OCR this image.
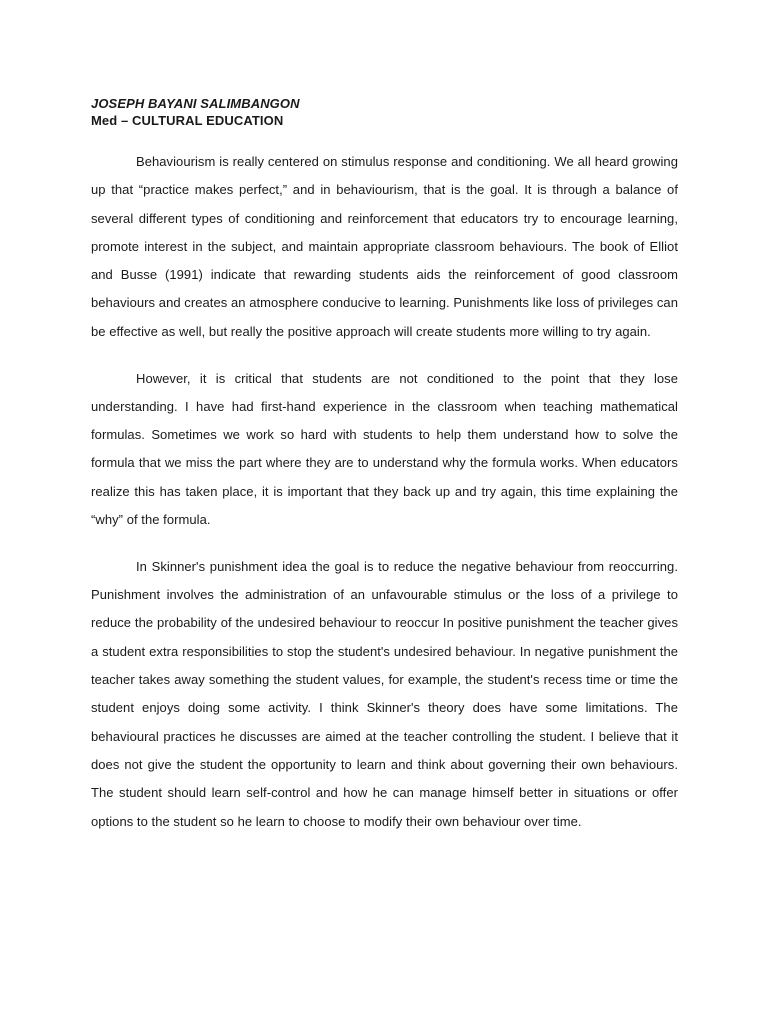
JOSEPH BAYANI SALIMBANGON
Med – CULTURAL EDUCATION

Behaviourism is really centered on stimulus response and conditioning. We all heard growing up that “practice makes perfect,” and in behaviourism, that is the goal. It is through a balance of several different types of conditioning and reinforcement that educators try to encourage learning, promote interest in the subject, and maintain appropriate classroom behaviours. The book of Elliot and Busse (1991) indicate that rewarding students aids the reinforcement of good classroom behaviours and creates an atmosphere conducive to learning. Punishments like loss of privileges can be effective as well, but really the positive approach will create students more willing to try again.

However, it is critical that students are not conditioned to the point that they lose understanding. I have had first-hand experience in the classroom when teaching mathematical formulas. Sometimes we work so hard with students to help them understand how to solve the formula that we miss the part where they are to understand why the formula works. When educators realize this has taken place, it is important that they back up and try again, this time explaining the “why” of the formula.

In Skinner's punishment idea the goal is to reduce the negative behaviour from reoccurring. Punishment involves the administration of an unfavourable stimulus or the loss of a privilege to reduce the probability of the undesired behaviour to reoccur In positive punishment the teacher gives a student extra responsibilities to stop the student's undesired behaviour. In negative punishment the teacher takes away something the student values, for example, the student's recess time or time the student enjoys doing some activity. I think Skinner's theory does have some limitations. The behavioural practices he discusses are aimed at the teacher controlling the student. I believe that it does not give the student the opportunity to learn and think about governing their own behaviours. The student should learn self-control and how he can manage himself better in situations or offer options to the student so he learn to choose to modify their own behaviour over time.
